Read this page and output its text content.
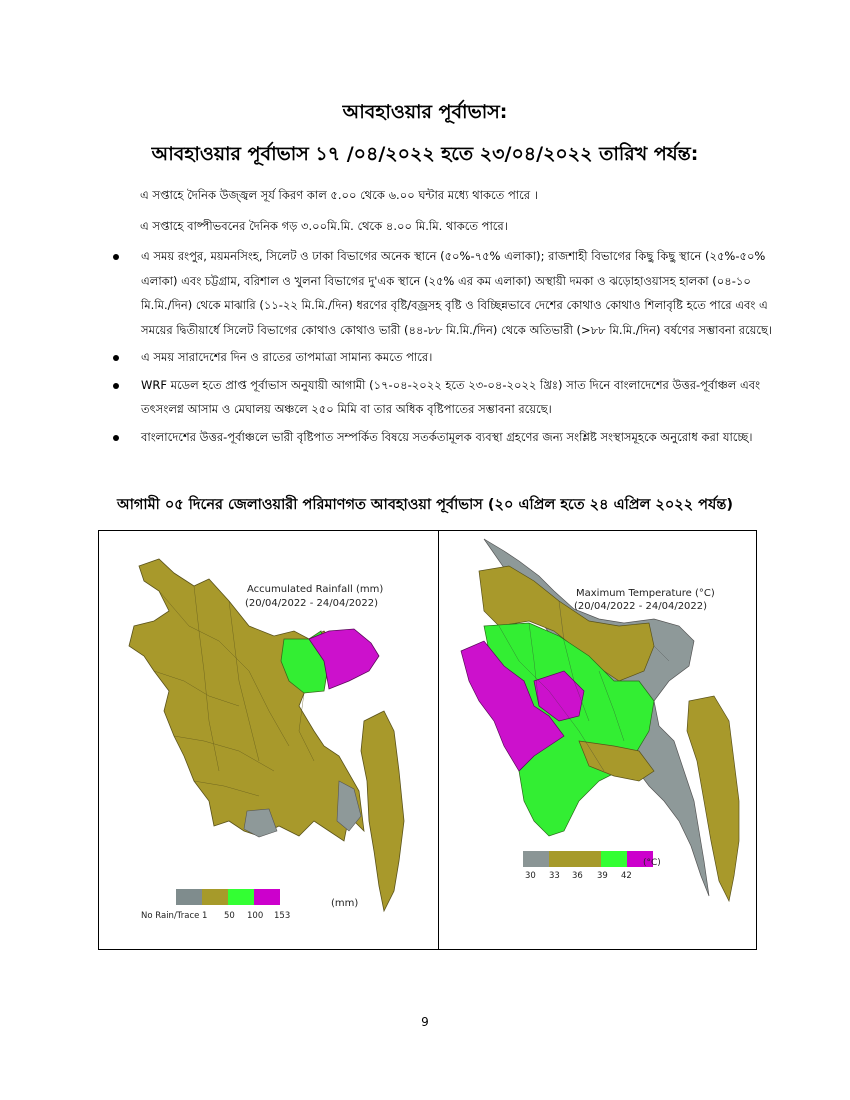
আবহাওয়ার পূর্বাভাস:
আবহাওয়ার পূর্বাভাস ১৭ /০৪/২০২২ হতে ২৩/০৪/২০২২ তারিখ পর্যন্ত:
এ সপ্তাহে দৈনিক উজ্জ্বল সূর্য কিরণ কাল ৫.০০ থেকে ৬.০০ ঘন্টার মধ্যে থাকতে পারে ।
এ সপ্তাহে বাষ্পীভবনের দৈনিক গড় ৩.০০মি.মি. থেকে ৪.০০ মি.মি. থাকতে পারে।
এ সময় রংপুর, ময়মনসিংহ, সিলেট ও ঢাকা বিভাগের অনেক স্থানে (৫০%-৭৫% এলাকা); রাজশাহী বিভাগের কিছু কিছু স্থানে (২৫%-৫০% এলাকা) এবং চট্টগ্রাম, বরিশাল ও খুলনা বিভাগের দু'এক স্থানে (২৫% এর কম এলাকা) অস্থায়ী দমকা ও ঝড়োহাওয়াসহ হালকা (০৪-১০ মি.মি./দিন) থেকে মাঝারি (১১-২২ মি.মি./দিন) ধরণের বৃষ্টি/বজ্রসহ বৃষ্টি ও বিচ্ছিন্নভাবে দেশের কোথাও কোথাও শিলাবৃষ্টি হতে পারে এবং এ সময়ের দ্বিতীয়ার্ধে সিলেট বিভাগের কোথাও কোথাও ভারী (৪৪-৮৮ মি.মি./দিন) থেকে অতিভারী (>৮৮ মি.মি./দিন) বর্ষণের সম্ভাবনা রয়েছে।
এ সময় সারাদেশের দিন ও রাতের তাপমাত্রা সামান্য কমতে পারে।
WRF মডেল হতে প্রাপ্ত পূর্বাভাস অনুযায়ী আগামী (১৭-০৪-২০২২ হতে ২৩-০৪-২০২২ খ্রিঃ) সাত দিনে বাংলাদেশের উত্তর-পূর্বাঞ্চল এবং তৎসংলগ্ন আসাম ও মেঘালয় অঞ্চলে ২৫০ মিমি বা তার অধিক বৃষ্টিপাতের সম্ভাবনা রয়েছে।
বাংলাদেশের উত্তর-পূর্বাঞ্চলে ভারী বৃষ্টিপাত সম্পর্কিত বিষয়ে সতর্কতামূলক ব্যবস্থা গ্রহণের জন্য সংশ্লিষ্ট সংস্থাসমূহকে অনুরোধ করা যাচ্ছে।
আগামী ০৫ দিনের জেলাওয়ারী পরিমাণগত আবহাওয়া পূর্বাভাস (২০ এপ্রিল হতে ২৪ এপ্রিল ২০২২ পর্যন্ত)
Accumulated Rainfall (mm)
(20/04/2022 - 24/04/2022)
No Rain/Trace 1 50 100 153
(mm)
Maximum Temperature (°C)
(20/04/2022 - 24/04/2022)
30 33 36 39 42
(°C)
9
